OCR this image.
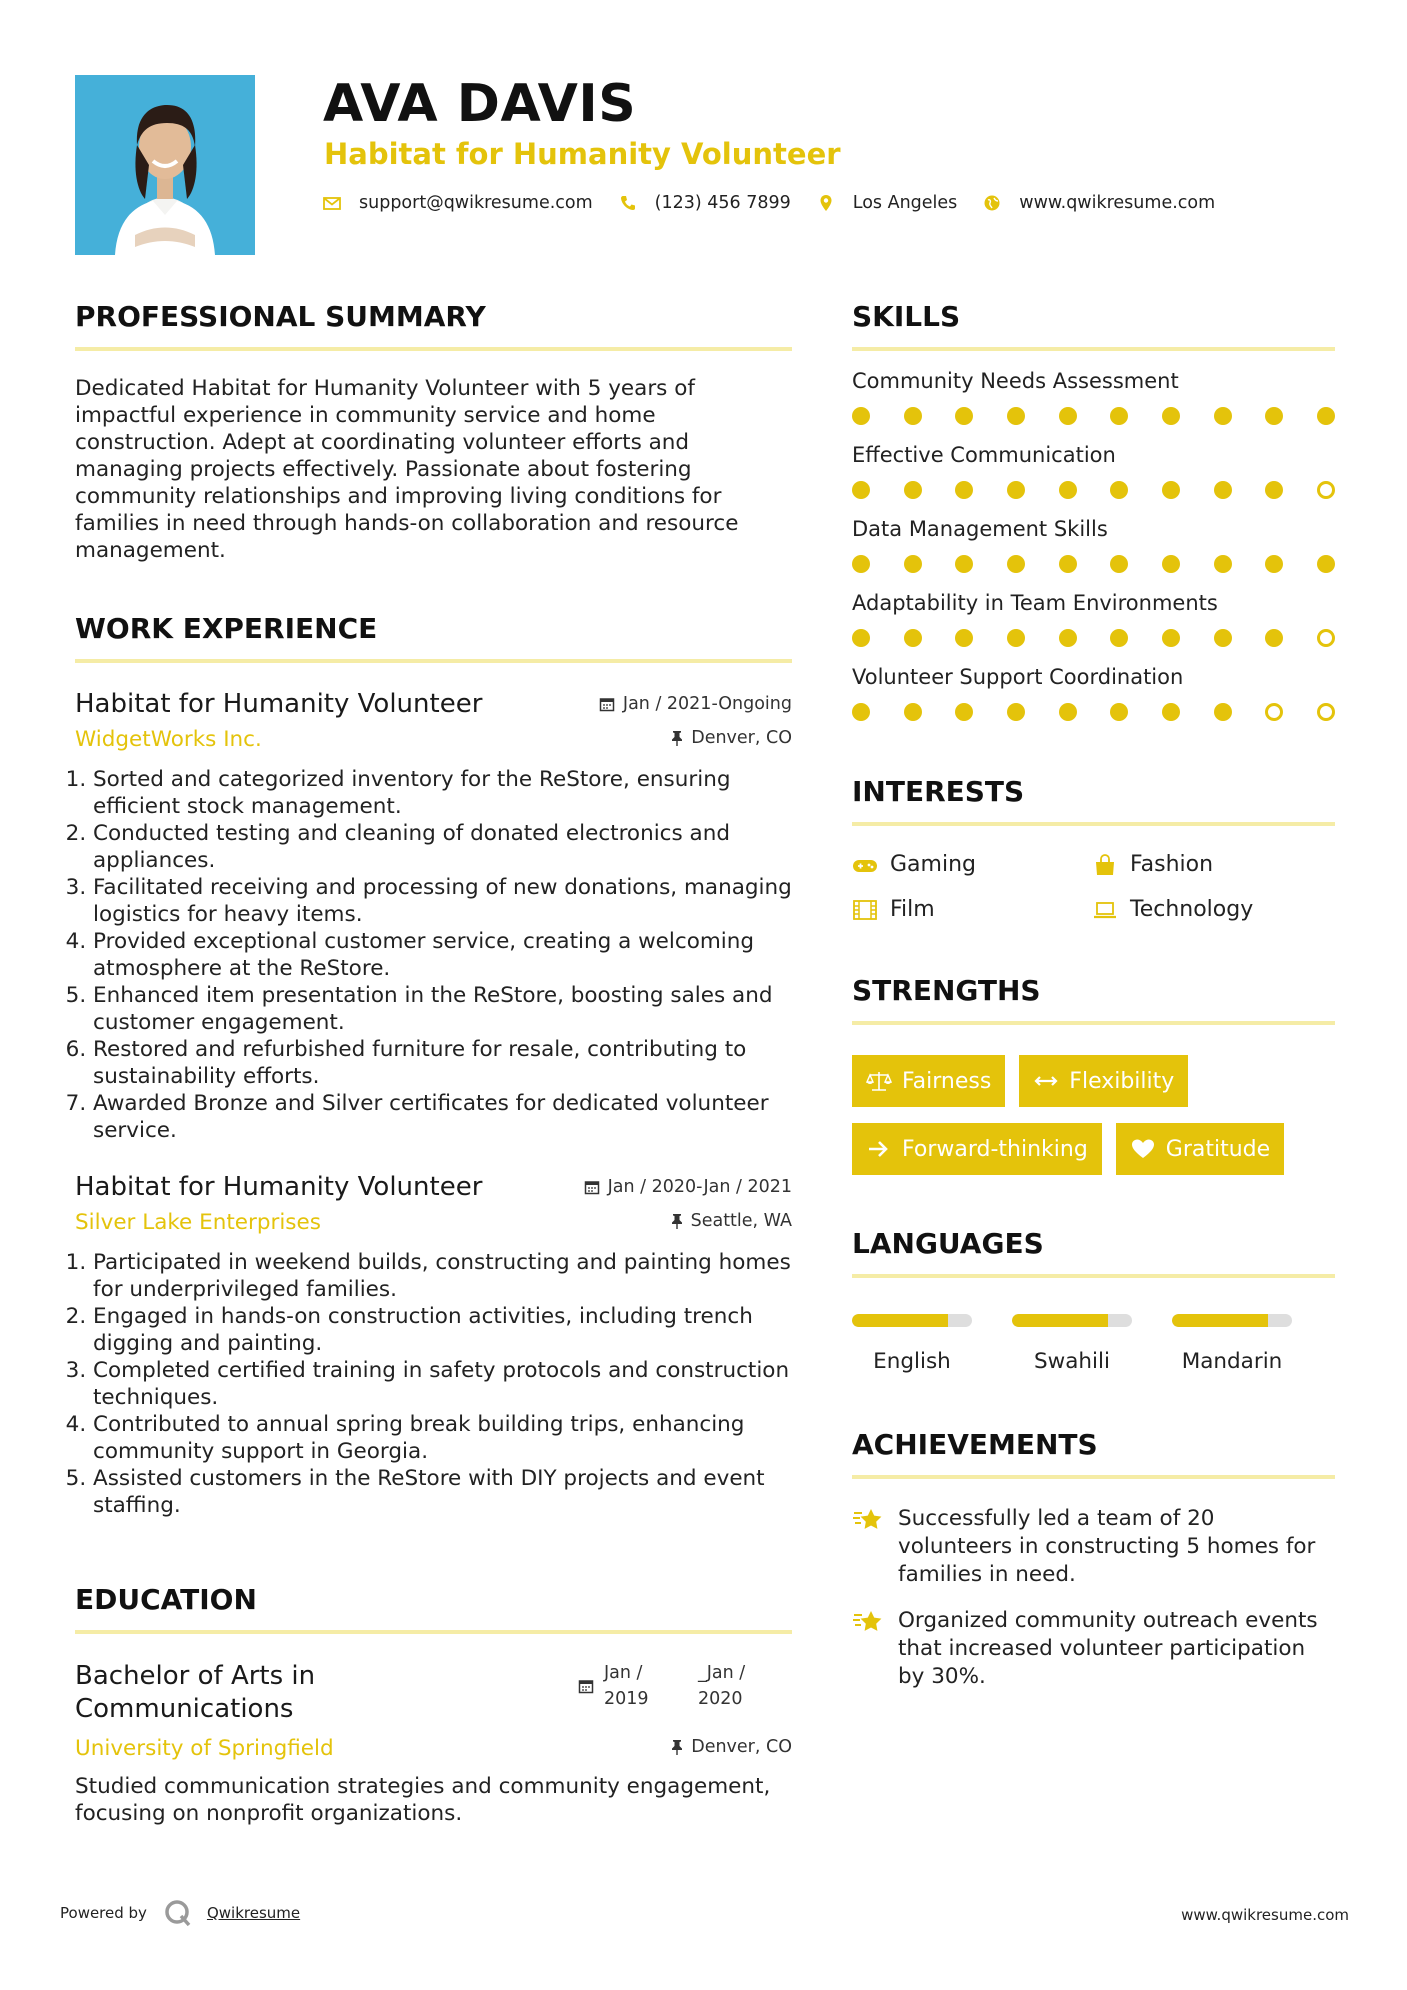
AVA DAVIS
Habitat for Humanity Volunteer
support@qwikresume.com	(123) 456 7899	Los Angeles	www.qwikresume.com
PROFESSIONAL SUMMARY
Dedicated Habitat for Humanity Volunteer with 5 years of impactful experience in community service and home construction. Adept at coordinating volunteer efforts and managing projects effectively. Passionate about fostering community relationships and improving living conditions for families in need through hands-on collaboration and resource management.
WORK EXPERIENCE
Habitat for Humanity Volunteer	Jan / 2021-Ongoing
WidgetWorks Inc.	Denver, CO
1. Sorted and categorized inventory for the ReStore, ensuring efficient stock management.
2. Conducted testing and cleaning of donated electronics and appliances.
3. Facilitated receiving and processing of new donations, managing logistics for heavy items.
4. Provided exceptional customer service, creating a welcoming atmosphere at the ReStore.
5. Enhanced item presentation in the ReStore, boosting sales and customer engagement.
6. Restored and refurbished furniture for resale, contributing to sustainability efforts.
7. Awarded Bronze and Silver certificates for dedicated volunteer service.
Habitat for Humanity Volunteer	Jan / 2020-Jan / 2021
Silver Lake Enterprises	Seattle, WA
1. Participated in weekend builds, constructing and painting homes for underprivileged families.
2. Engaged in hands-on construction activities, including trench digging and painting.
3. Completed certified training in safety protocols and construction techniques.
4. Contributed to annual spring break building trips, enhancing community support in Georgia.
5. Assisted customers in the ReStore with DIY projects and event staffing.
EDUCATION
Bachelor of Arts in Communications
Jan / 2019
_Jan / 2020
University of Springfield	Denver, CO
Studied communication strategies and community engagement, focusing on nonprofit organizations.
SKILLS
Community Needs Assessment
Effective Communication
Data Management Skills
Adaptability in Team Environments
Volunteer Support Coordination
INTERESTS
Gaming	Fashion
Film	Technology
STRENGTHS
Fairness	Flexibility
Forward-thinking	Gratitude
LANGUAGES
English	Swahili	Mandarin
ACHIEVEMENTS
Successfully led a team of 20 volunteers in constructing 5 homes for families in need.
Organized community outreach events that increased volunteer participation by 30%.
Powered by	Qwikresume	www.qwikresume.com
